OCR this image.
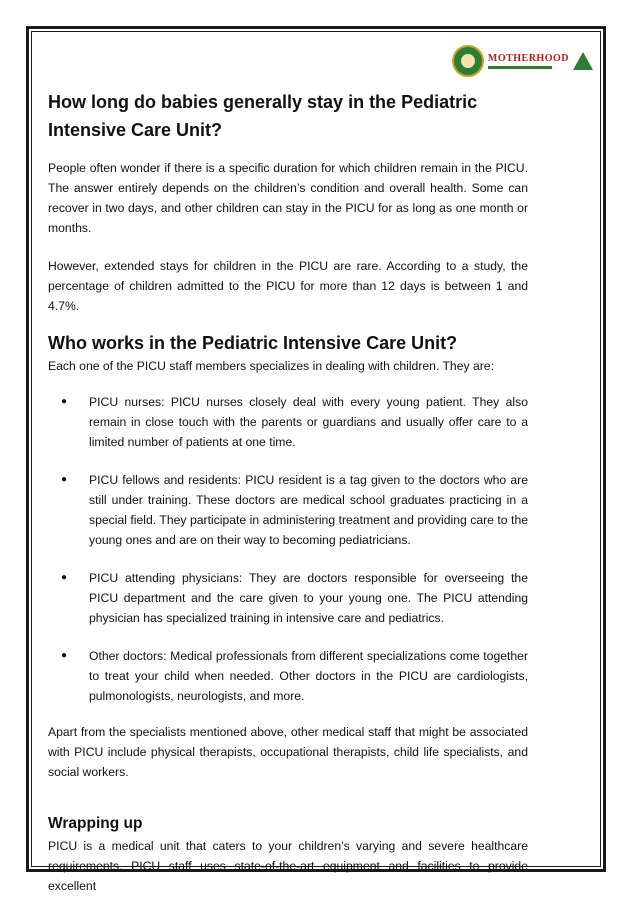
MOTHERHOOD
How long do babies generally stay in the Pediatric Intensive Care Unit?

People often wonder if there is a specific duration for which children remain in the PICU. The answer entirely depends on the children’s condition and overall health. Some can recover in two days, and other children can stay in the PICU for as long as one month or months.

However, extended stays for children in the PICU are rare. According to a study, the percentage of children admitted to the PICU for more than 12 days is between 1 and 4.7%.

Who works in the Pediatric Intensive Care Unit?

Each one of the PICU staff members specializes in dealing with children. They are:

● PICU nurses: PICU nurses closely deal with every young patient. They also remain in close touch with the parents or guardians and usually offer care to a limited number of patients at one time.
● PICU fellows and residents: PICU resident is a tag given to the doctors who are still under training. These doctors are medical school graduates practicing in a special field. They participate in administering treatment and providing care to the young ones and are on their way to becoming pediatricians.
● PICU attending physicians: They are doctors responsible for overseeing the PICU department and the care given to your young one. The PICU attending physician has specialized training in intensive care and pediatrics.
● Other doctors: Medical professionals from different specializations come together to treat your child when needed. Other doctors in the PICU are cardiologists, pulmonologists, neurologists, and more.

Apart from the specialists mentioned above, other medical staff that might be associated with PICU include physical therapists, occupational therapists, child life specialists, and social workers.

Wrapping up

PICU is a medical unit that caters to your children’s varying and severe healthcare requirements. PICU staff uses state-of-the-art equipment and facilities to provide excellent
